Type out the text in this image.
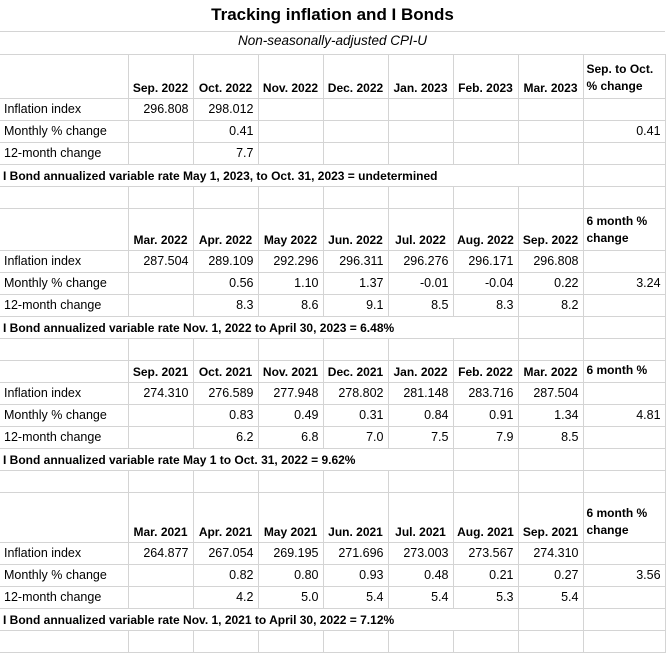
Tracking inflation and I Bonds								
Non-seasonally-adjusted CPI-U								
	Sep. 2022	Oct. 2022	Nov. 2022	Dec. 2022	Jan. 2023	Feb. 2023	Mar. 2023	Sep. to Oct.
% change

Inflation index	296.808	298.012						
Monthly % change		0.41						0.41
12-month change		7.7						
I Bond annualized variable rate May 1, 2023, to Oct. 31, 2023 = undetermined								

	Mar. 2022	Apr. 2022	May 2022	Jun. 2022	Jul. 2022	Aug. 2022	Sep. 2022	6 month %
change

Inflation index	287.504	289.109	292.296	296.311	296.276	296.171	296.808	
Monthly % change		0.56	1.10	1.37	-0.01	-0.04	0.22	3.24
12-month change		8.3	8.6	9.1	8.5	8.3	8.2	
I Bond annualized variable rate Nov. 1, 2022 to April 30, 2023 = 6.48%								

	Sep. 2021	Oct. 2021	Nov. 2021	Dec. 2021	Jan. 2022	Feb. 2022	Mar. 2022	6 month %

Inflation index	274.310	276.589	277.948	278.802	281.148	283.716	287.504	
Monthly % change		0.83	0.49	0.31	0.84	0.91	1.34	4.81
12-month change		6.2	6.8	7.0	7.5	7.9	8.5	
I Bond annualized variable rate May 1 to Oct. 31, 2022 = 9.62%								

	Mar. 2021	Apr. 2021	May 2021	Jun. 2021	Jul. 2021	Aug. 2021	Sep. 2021	6 month %
change

Inflation index	264.877	267.054	269.195	271.696	273.003	273.567	274.310	
Monthly % change		0.82	0.80	0.93	0.48	0.21	0.27	3.56
12-month change		4.2	5.0	5.4	5.4	5.3	5.4	
I Bond annualized variable rate Nov. 1, 2021 to April 30, 2022 = 7.12%								
